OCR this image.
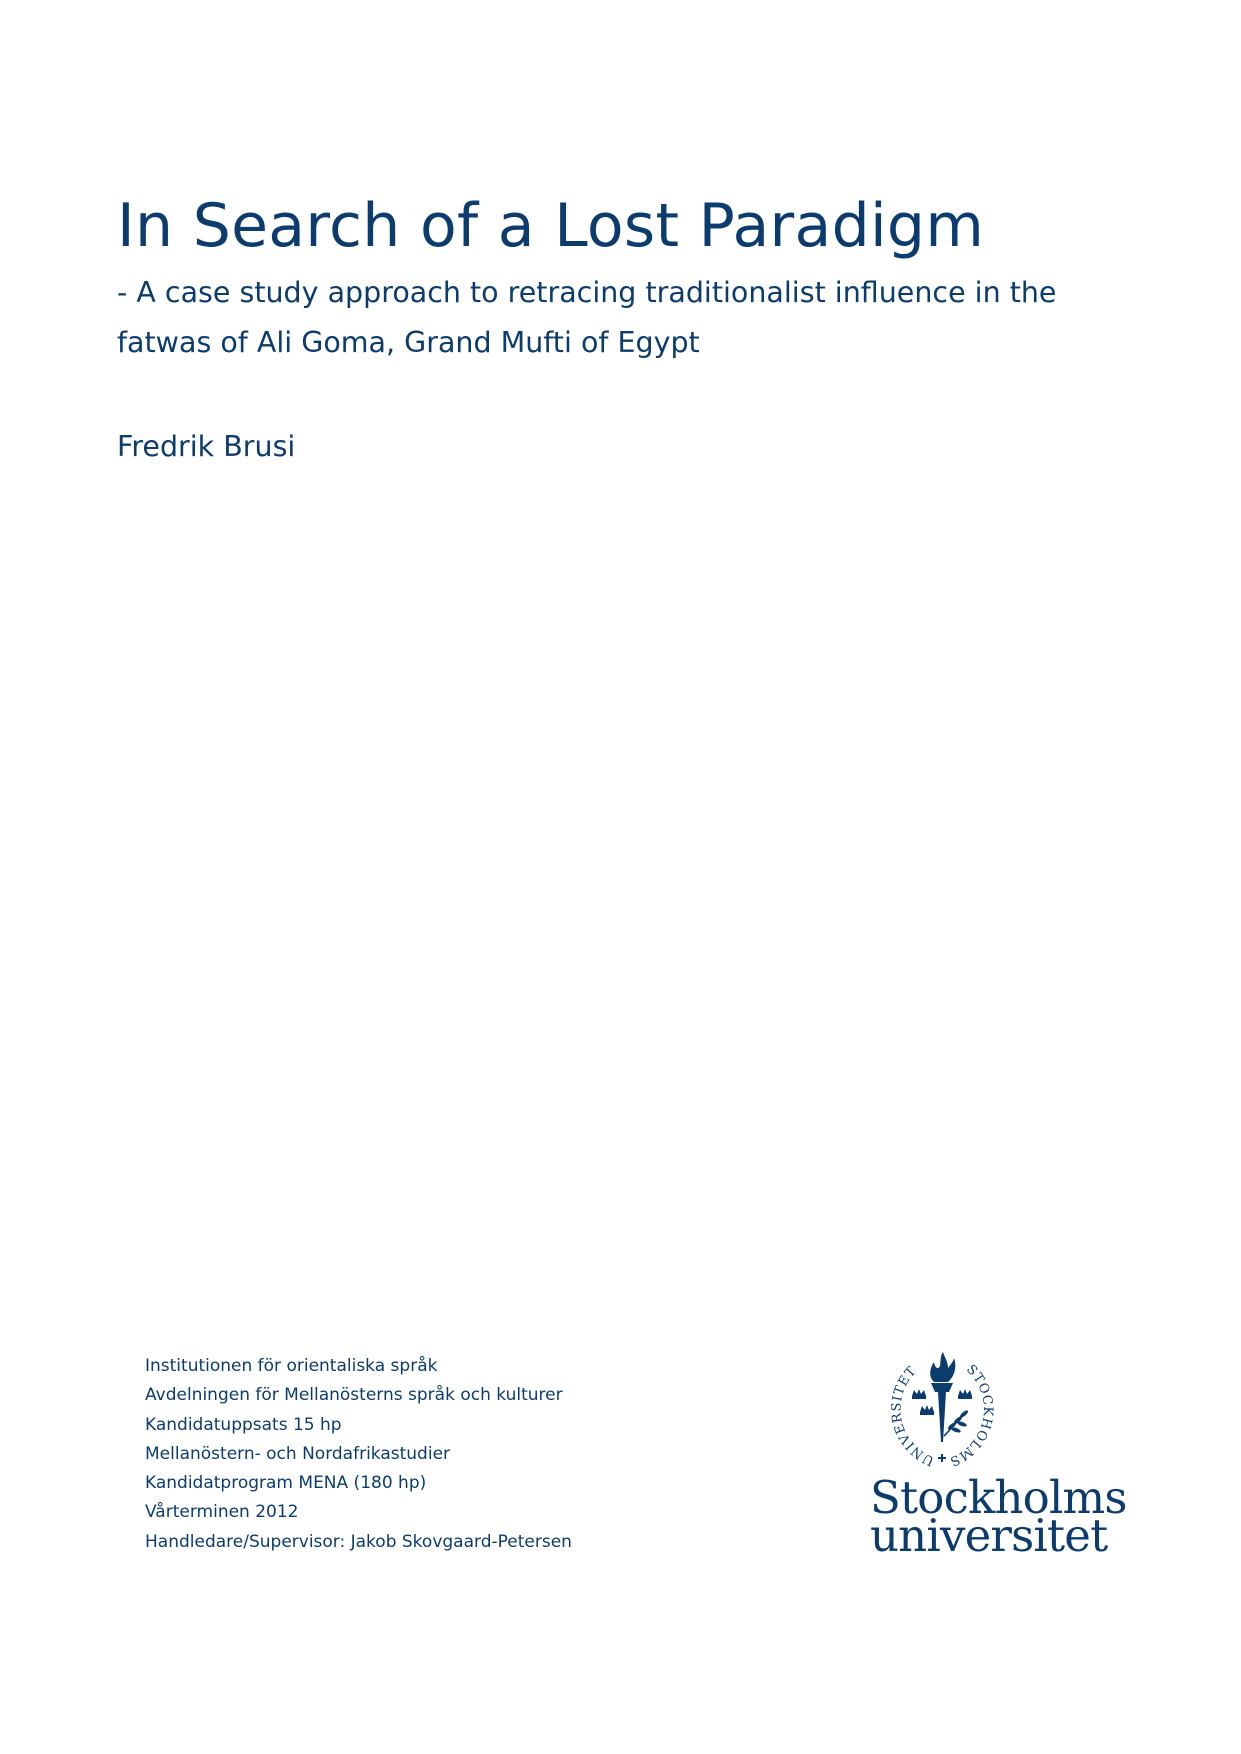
In Search of a Lost Paradigm

- A case study approach to retracing traditionalist influence in the
fatwas of Ali Goma, Grand Mufti of Egypt

Fredrik Brusi

Institutionen för orientaliska språk
Avdelningen för Mellanösterns språk och kulturer
Kandidatuppsats 15 hp
Mellanöstern- och Nordafrikastudier
Kandidatprogram MENA (180 hp)
Vårterminen 2012
Handledare/Supervisor: Jakob Skovgaard-Petersen
UNIVERSITET	STOCKHOLMS

Stockholms
universitet
